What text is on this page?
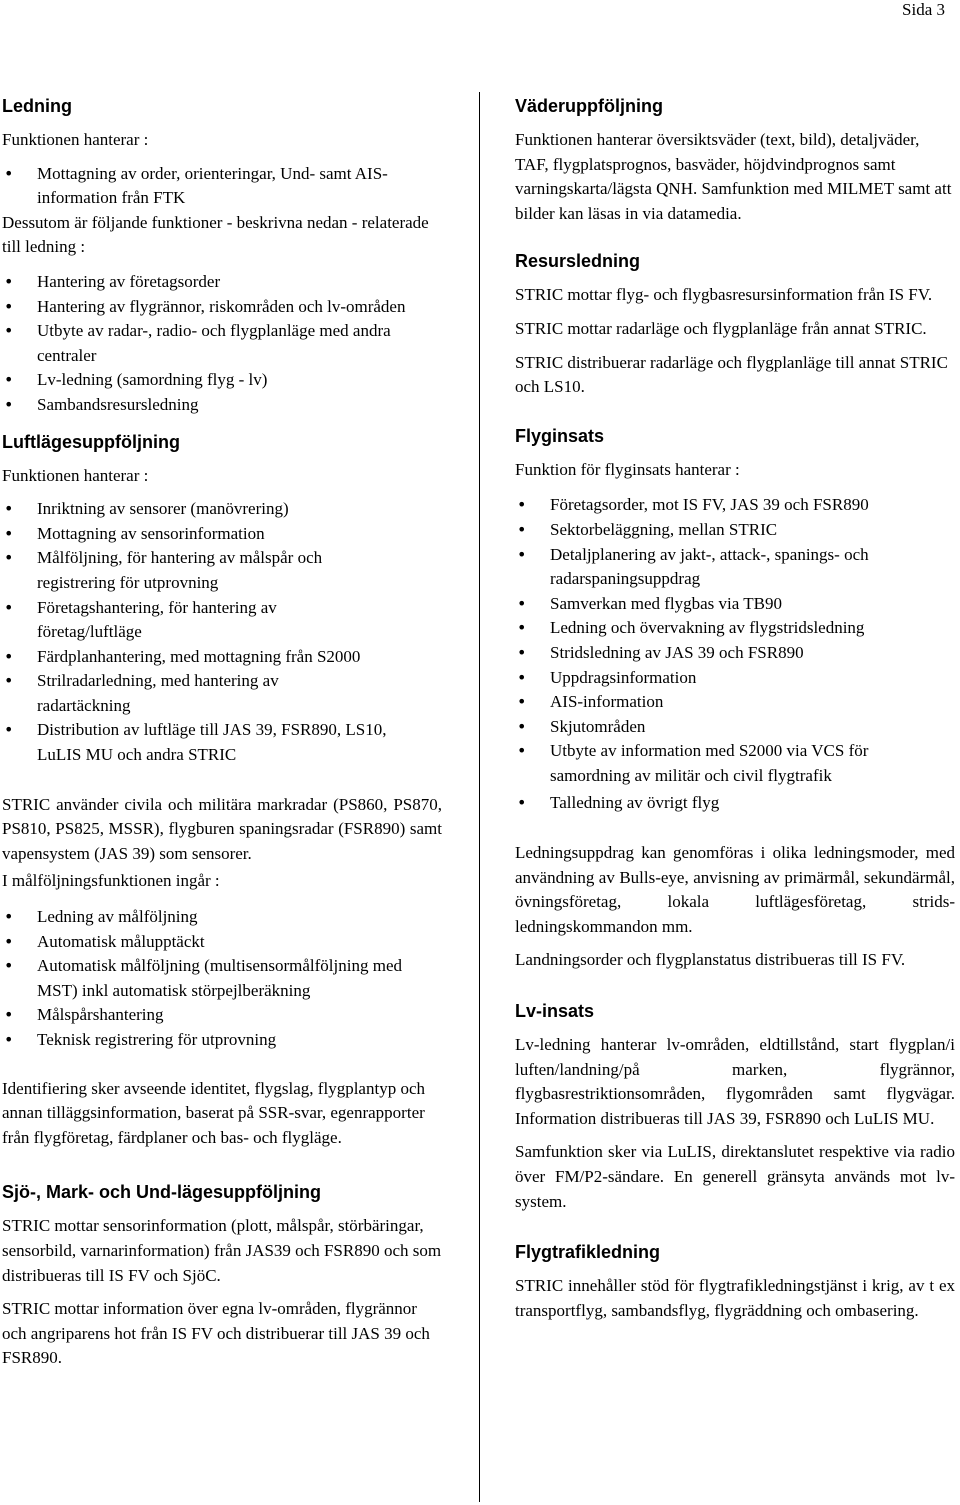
Sida 3
Ledning

Funktionen hanterar :

• Mottagning av order, orienteringar, Und- samt AIS-information från FTK

Dessutom är följande funktioner - beskrivna nedan - relaterade till ledning :

• Hantering av företagsorder
• Hantering av flygrännor, riskområden och lv-områden
• Utbyte av radar-, radio- och flygplanläge med andra centraler
• Lv-ledning (samordning flyg - lv)
• Sambandsresursledning
Luftlägesuppföljning

Funktionen hanterar :

• Inriktning av sensorer (manövrering)
• Mottagning av sensorinformation
• Målföljning, för hantering av målspår och registrering för utprovning
• Företagshantering, för hantering av företag/luftläge
• Färdplanhantering, med mottagning från S2000
• Strilradarledning, med hantering av radartäckning
• Distribution av luftläge till JAS 39, FSR890, LS10, LuLIS MU och andra STRIC

STRIC använder civila och militära markradar (PS860, PS870, PS810, PS825, MSSR), flygburen spaningsradar (FSR890) samt vapensystem (JAS 39) som sensorer.

I målföljningsfunktionen ingår :

• Ledning av målföljning
• Automatisk målupptäckt
• Automatisk målföljning (multisensormålföljning med MST) inkl automatisk störpejlberäkning
• Målspårshantering
• Teknisk registrering för utprovning

Identifiering sker avseende identitet, flygslag, flygplantyp och annan tilläggsinformation, baserat på SSR-svar, egenrapporter från flygföretag, färdplaner och bas- och flygläge.

Sjö-, Mark- och Und-lägesuppföljning

STRIC mottar sensorinformation (plott, målspår, störbäringar, sensorbild, varnarinformation) från JAS39 och FSR890 och som distribueras till IS FV och SjöC.

STRIC mottar information över egna lv-områden, flygrännor och angriparens hot från IS FV och distribuerar till JAS 39 och FSR890.

Väderuppföljning

Funktionen hanterar översiktsväder (text, bild), detaljväder, TAF, flygplatsprognos, basväder, höjdvindprognos samt varningskarta/lägsta QNH. Samfunktion med MILMET samt att bilder kan läsas in via datamedia.

Resursledning

STRIC mottar flyg- och flygbasresursinformation från IS FV.

STRIC mottar radarläge och flygplanläge från annat STRIC.

STRIC distribuerar radarläge och flygplanläge till annat STRIC och LS10.

Flyginsats

Funktion för flyginsats hanterar :

• Företagsorder, mot IS FV, JAS 39 och FSR890
• Sektorbeläggning, mellan STRIC
• Detaljplanering av jakt-, attack-, spanings- och radarspaningsuppdrag
• Samverkan med flygbas via TB90
• Ledning och övervakning av flygstridsledning
• Stridsledning av JAS 39 och FSR890
• Uppdragsinformation
• AIS-information
• Skjutområden
• Utbyte av information med S2000 via VCS för samordning av militär och civil flygtrafik
• Talledning av övrigt flyg

Ledningsuppdrag kan genomföras i olika ledningsmoder, med användning av Bulls-eye, anvisning av primärmål, sekundärmål, övningsföretag, lokala luftlägesföretag, strids-ledningskommandon mm.

Landningsorder och flygplanstatus distribueras till IS FV.

Lv-insats

Lv-ledning hanterar lv-områden, eldtillstånd, start flygplan/i luften/landning/på marken, flygrännor, flygbasrestriktionsområden, flygområden samt flygvägar. Information distribueras till JAS 39, FSR890 och LuLIS MU.

Samfunktion sker via LuLIS, direktanslutet respektive via radio över FM/P2-sändare. En generell gränsyta används mot lv-system.

Flygtrafikledning

STRIC innehåller stöd för flygtrafikledningstjänst i krig, av t ex transportflyg, sambandsflyg, flygräddning och ombasering.
